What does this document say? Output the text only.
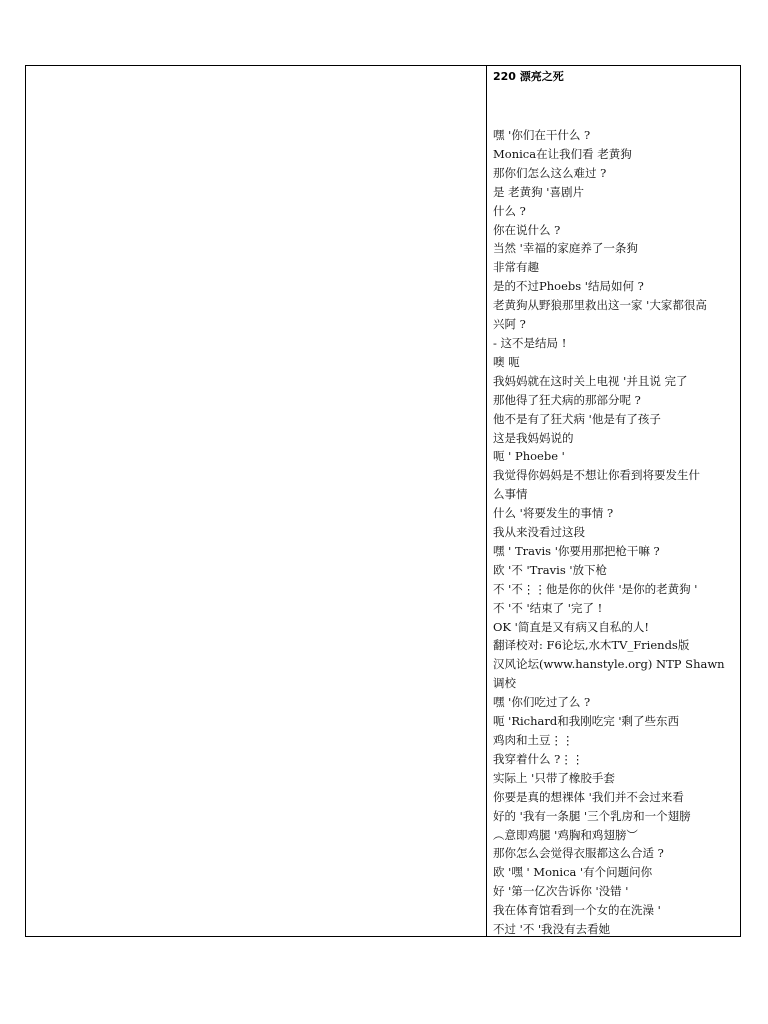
220 漂亮之死
嘿 '你们在干什么 ?
Monica在让我们看 老黄狗
那你们怎么这么难过 ?
是 老黄狗 '喜剧片
什么 ?
你在说什么 ?
当然 '幸福的家庭养了一条狗
非常有趣
是的不过Phoebs '结局如何 ?
老黄狗从野狼那里救出这一家 '大家都很高
兴阿 ?
- 这不是结局 !
噢 呃
我妈妈就在这时关上电视 '并且说 完了
那他得了狂犬病的那部分呢 ?
他不是有了狂犬病 '他是有了孩子
这是我妈妈说的
呃 ' Phoebe '
我觉得你妈妈是不想让你看到将要发生什
么事情
什么 '将要发生的事情 ?
我从来没看过这段
嘿 ' Travis '你要用那把枪干嘛 ?
欧 '不 'Travis '放下枪
不 '不⋮⋮他是你的伙伴 '是你的老黄狗 '
不 '不 '结束了 '完了 !
OK '简直是又有病又自私的人!
翻译校对: F6论坛,水木TV_Friends版
汉风论坛(www.hanstyle.org) NTP Shawn
调校
嘿 '你们吃过了么 ?
呃 'Richard和我刚吃完 '剩了些东西
鸡肉和土豆⋮⋮
我穿着什么 ?⋮⋮
实际上 '只带了橡胶手套
你要是真的想裸体 '我们并不会过来看
好的 '我有一条腿 '三个乳房和一个翅膀
︵意即鸡腿 '鸡胸和鸡翅膀︶
那你怎么会觉得衣服都这么合适 ?
欧 '嘿 ' Monica '有个问题问你
好 '第一亿次告诉你 '没错 '
我在体育馆看到一个女的在洗澡 '
不过 '不 '我没有去看她
